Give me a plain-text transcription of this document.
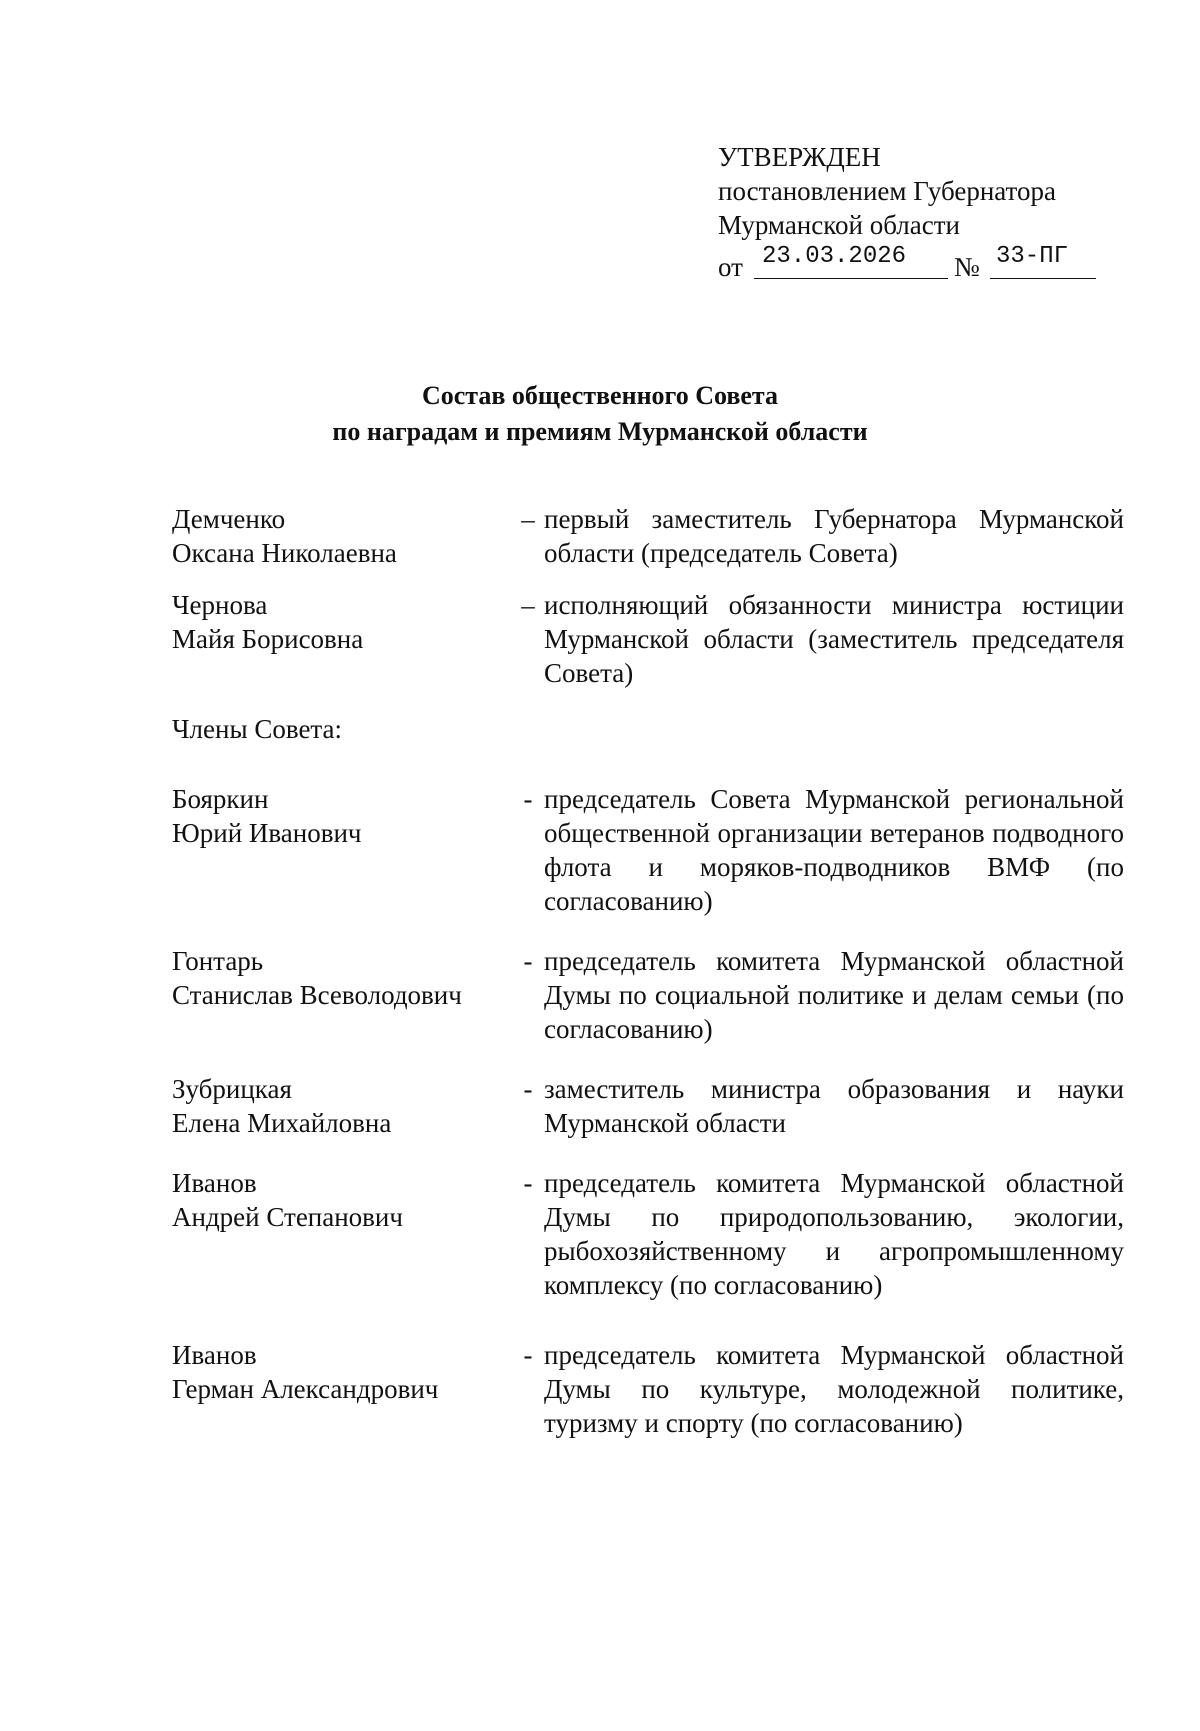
УТВЕРЖДЕН
постановлением Губернатора
Мурманской области
от 23.03.2026	№ 33-ПГ
Состав общественного Совета
по наградам и премиям Мурманской области
Демченко
Оксана Николаевна
– первый заместитель Губернатора Мурманской области (председатель Совета)
Чернова
Майя Борисовна
– исполняющий обязанности министра юстиции Мурманской области (заместитель председателя Совета)
Члены Совета:
Бояркин
Юрий Иванович
- председатель Совета Мурманской региональной общественной организации ветеранов подводного флота и моряков-подводников ВМФ (по согласованию)
Гонтарь
Станислав Всеволодович
- председатель комитета Мурманской областной Думы по социальной политике и делам семьи (по согласованию)
Зубрицкая
Елена Михайловна
- заместитель министра образования и науки Мурманской области
Иванов
Андрей Степанович
- председатель комитета Мурманской областной Думы по природопользованию, экологии, рыбохозяйственному и агропромышленному комплексу (по согласованию)
Иванов
Герман Александрович
- председатель комитета Мурманской областной Думы по культуре, молодежной политике, туризму и спорту (по согласованию)
